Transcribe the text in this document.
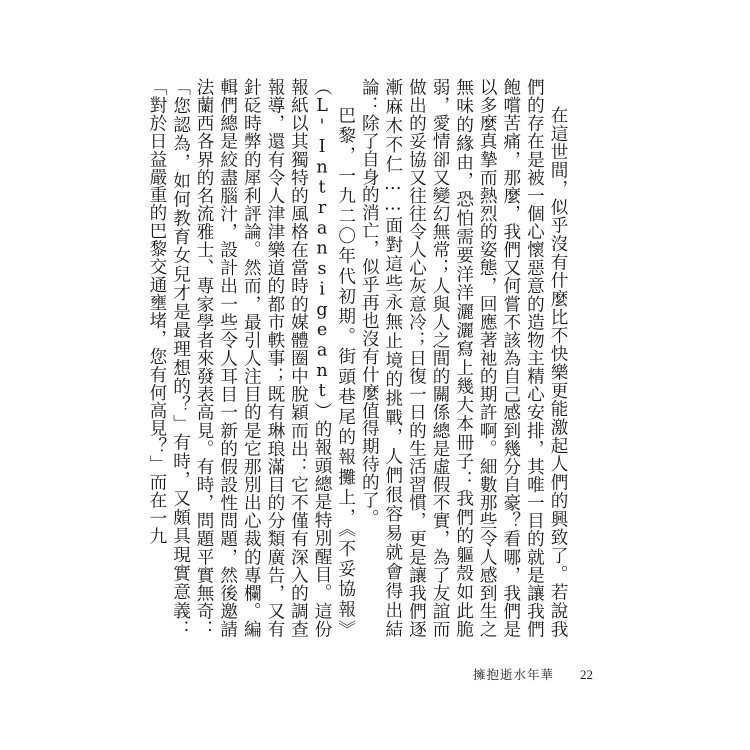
在這世間，似乎沒有什麼比不快樂更能激起人們的興致了。若說我們的存在是被一個心懷惡意的造物主精心安排，其唯一目的就是讓我們飽嚐苦痛，那麼，我們又何嘗不該為自己感到幾分自豪？看哪，我們是以多麼真摯而熱烈的姿態，回應著祂的期許啊。細數那些令人感到生之無味的緣由，恐怕需要洋洋灑灑寫上幾大本冊子：我們的軀殼如此脆弱，愛情卻又變幻無常；人與人之間的關係總是虛假不實，為了友誼而做出的妥協又往往令人心灰意冷；日復一日的生活習慣，更是讓我們逐漸麻木不仁……面對這些永無止境的挑戰，人們很容易就會得出結論：除了自身的消亡，似乎再也沒有什麼值得期待的了。

巴黎，一九二〇年代初期。街頭巷尾的報攤上，《不妥協報》（L'Intransigeant）的報頭總是特別醒目。這份報紙以其獨特的風格在當時的媒體圈中脫穎而出：它不僅有深入的調查報導，還有令人津津樂道的都市軼事；既有琳琅滿目的分類廣告，又有針砭時弊的犀利評論。然而，最引人注目的是它那別出心裁的專欄。編輯們總是絞盡腦汁，設計出一些令人耳目一新的假設性問題，然後邀請法蘭西各界的名流雅士、專家學者來發表高見。有時，問題平實無奇：「您認為，如何教育女兒才是最理想的？」有時，又頗具現實意義：「對於日益嚴重的巴黎交通壅堵，您有何高見？」而在一九

擁抱逝水年華 22
